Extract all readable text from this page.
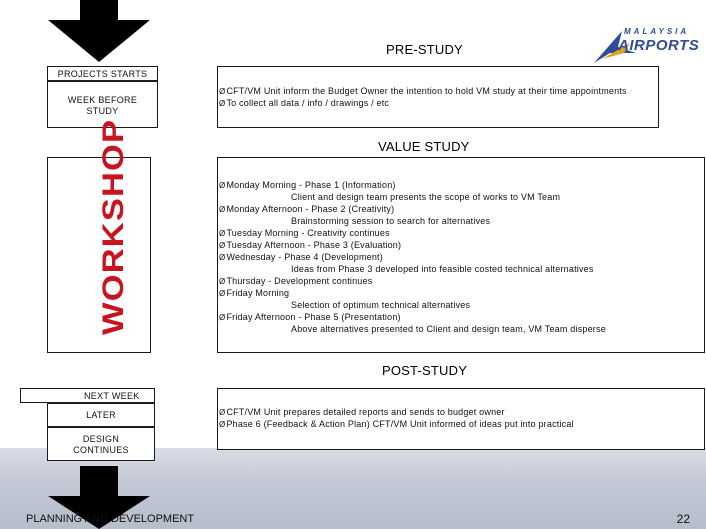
MALAYSIA
AIRPORTS
PRE-STUDY
PROJECTS STARTS
WEEK BEFORE
STUDY
ØCFT/VM Unit inform the Budget Owner the intention to hold VM study at their time appointments
ØTo collect all data / info / drawings / etc
VALUE STUDY
WORKSHOP	ØMonday Morning - Phase 1 (Information)
Client and design team presents the scope of works to VM Team
ØMonday Afternoon - Phase 2 (Creativity)
Brainstorming session to search for alternatives
ØTuesday Morning - Creativity continues
ØTuesday Afternoon - Phase 3 (Evaluation)
ØWednesday - Phase 4 (Development)
Ideas from Phase 3 developed into feasible costed technical alternatives
ØThursday - Development continues
ØFriday Morning
Selection of optimum technical alternatives
ØFriday Afternoon - Phase 5 (Presentation)
Above alternatives presented to Client and design team, VM Team disperse
POST-STUDY
NEXT WEEK
LATER
DESIGN
CONTINUES
ØCFT/VM Unit prepares detailed reports and sends to budget owner
ØPhase 6 (Feedback & Action Plan) CFT/VM Unit informed of ideas put into practical
PLANNING AND DEVELOPMENT	22
